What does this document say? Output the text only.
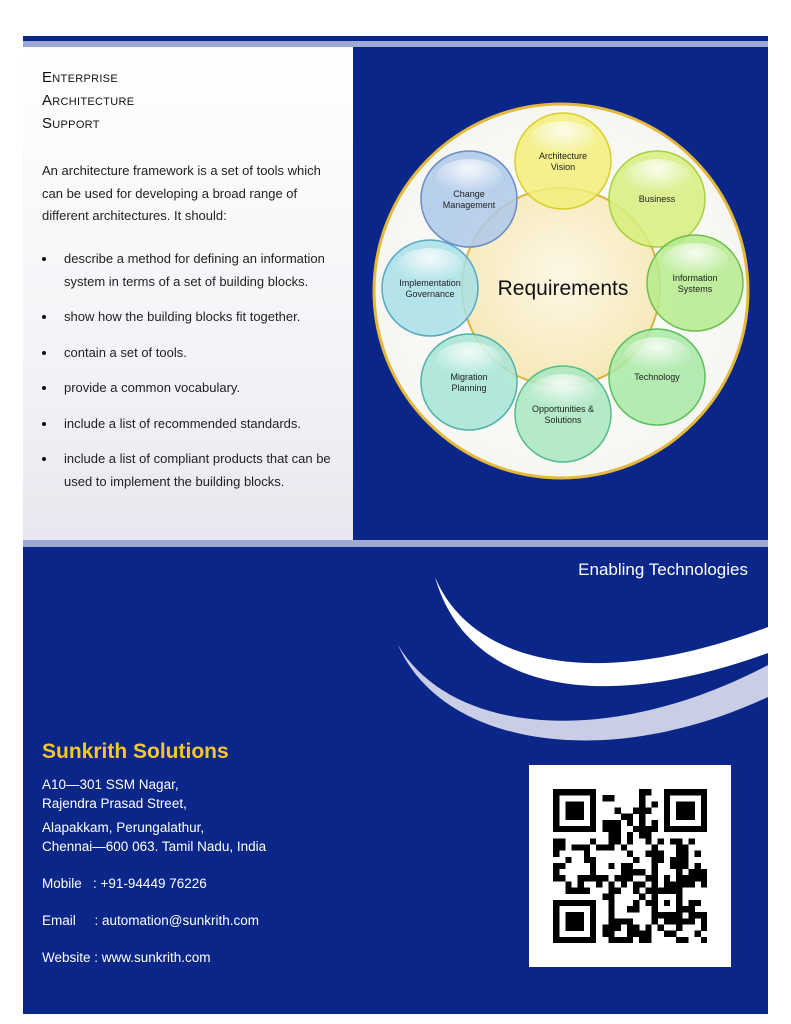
Enterprise
Architecture
Support

An architecture framework is a set of tools which can be used for developing a broad range of different architectures. It should:

describe a method for defining an information system in terms of a set of building blocks.
show how the building blocks fit together.
contain a set of tools.
provide a common vocabulary.
include a list of recommended standards.
include a list of compliant products that can be used to implement the building blocks.
Architecture Vision
Business
Information Systems
Technology
Opportunities & Solutions
Migration Planning
Implementation Governance
Change Management
Requirements
Enabling Technologies
Sunkrith Solutions

A10—301 SSM Nagar,

Rajendra Prasad Street,

Alapakkam, Perungalathur,

Chennai—600 063. Tamil Nadu, India

Mobile   : +91-94449 76226

Email     : automation@sunkrith.com

Website : www.sunkrith.com
